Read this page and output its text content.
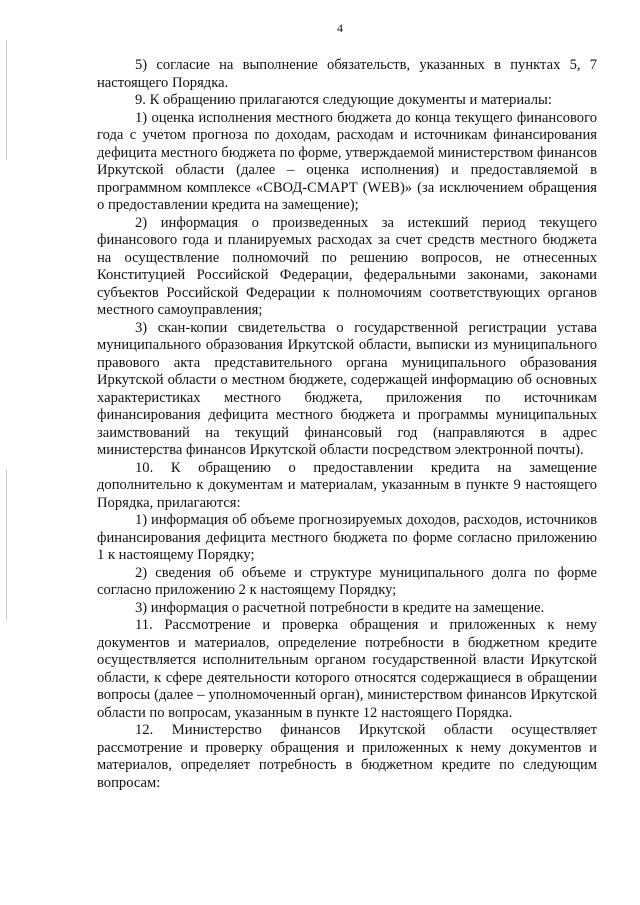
4

5) согласие на выполнение обязательств, указанных в пунктах 5, 7 настоящего Порядка.

9. К обращению прилагаются следующие документы и материалы:

1) оценка исполнения местного бюджета до конца текущего финансового года с учетом прогноза по доходам, расходам и источникам финансирования дефицита местного бюджета по форме, утверждаемой министерством финансов Иркутской области (далее – оценка исполнения) и предоставляемой в программном комплексе «СВОД-СМАРТ (WEB)» (за исключением обращения о предоставлении кредита на замещение);

2) информация о произведенных за истекший период текущего финансового года и планируемых расходах за счет средств местного бюджета на осуществление полномочий по решению вопросов, не отнесенных Конституцией Российской Федерации, федеральными законами, законами субъектов Российской Федерации к полномочиям соответствующих органов местного самоуправления;

3) скан-копии свидетельства о государственной регистрации устава муниципального образования Иркутской области, выписки из муниципального правового акта представительного органа муниципального образования Иркутской области о местном бюджете, содержащей информацию об основных характеристиках местного бюджета, приложения по источникам финансирования дефицита местного бюджета и программы муниципальных заимствований на текущий финансовый год (направляются в адрес министерства финансов Иркутской области посредством электронной почты).

10. К обращению о предоставлении кредита на замещение дополнительно к документам и материалам, указанным в пункте 9 настоящего Порядка, прилагаются:

1) информация об объеме прогнозируемых доходов, расходов, источников финансирования дефицита местного бюджета по форме согласно приложению 1 к настоящему Порядку;

2) сведения об объеме и структуре муниципального долга по форме согласно приложению 2 к настоящему Порядку;

3) информация о расчетной потребности в кредите на замещение.

11. Рассмотрение и проверка обращения и приложенных к нему документов и материалов, определение потребности в бюджетном кредите осуществляется исполнительным органом государственной власти Иркутской области, к сфере деятельности которого относятся содержащиеся в обращении вопросы (далее – уполномоченный орган), министерством финансов Иркутской области по вопросам, указанным в пункте 12 настоящего Порядка.

12. Министерство финансов Иркутской области осуществляет рассмотрение и проверку обращения и приложенных к нему документов и материалов, определяет потребность в бюджетном кредите по следующим вопросам:
